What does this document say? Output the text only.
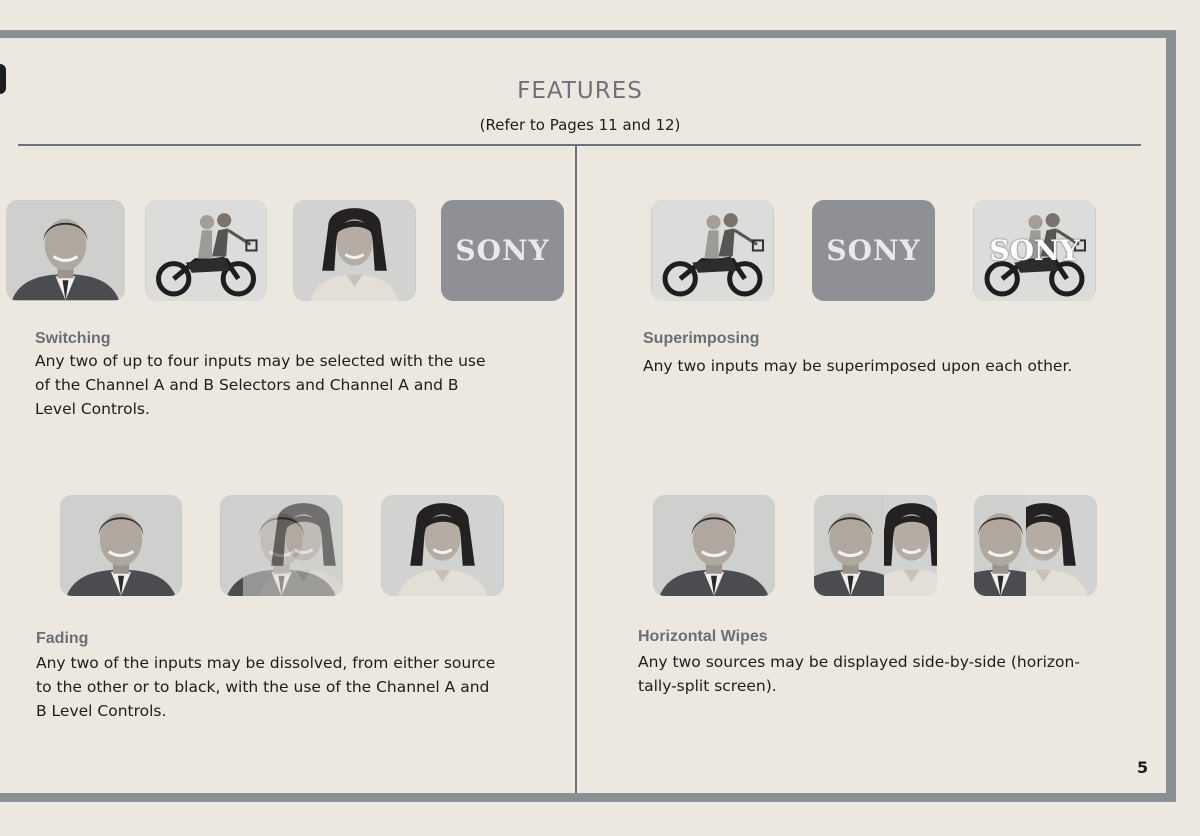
FEATURES
(Refer to Pages 11 and 12)
SONY	SONY	SONY
Switching
Any two of up to four inputs may be selected with the use
of the Channel A and B Selectors and Channel A and B
Level Controls.
Superimposing
Any two inputs may be superimposed upon each other.
Fading
Any two of the inputs may be dissolved, from either source
to the other or to black, with the use of the Channel A and
B Level Controls.
Horizontal Wipes
Any two sources may be displayed side-by-side (horizon-
tally-split screen).
5
